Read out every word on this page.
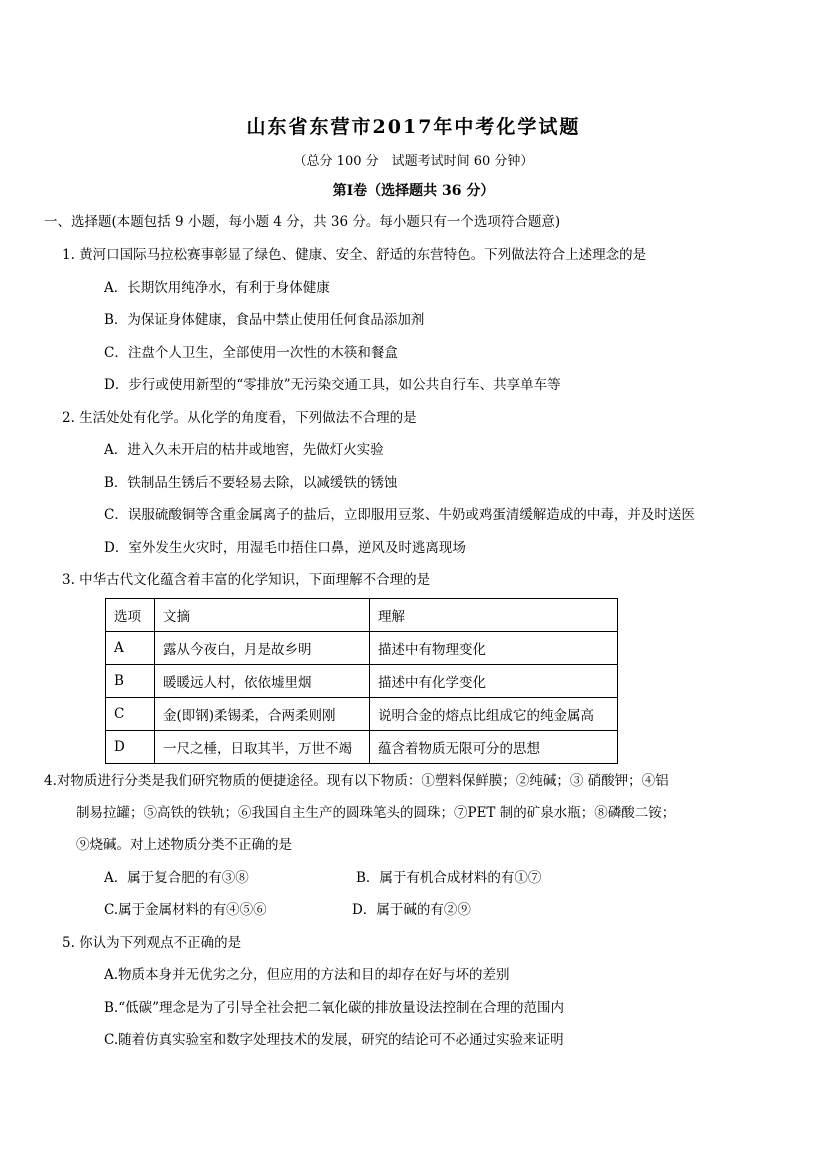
山东省东营市2017年中考化学试题
（总分 100 分　试题考试时间 60 分钟）
第Ⅰ卷（选择题共 36 分）
一、选择题(本题包括 9 小题，每小题 4 分，共 36 分。每小题只有一个选项符合题意)
1. 黄河口国际马拉松赛事彰显了绿色、健康、安全、舒适的东营特色。下列做法符合上述理念的是
A．长期饮用纯净水，有利于身体健康
B．为保证身体健康，食品中禁止使用任何食品添加剂
C．注盘个人卫生，全部使用一次性的木筷和餐盒
D．步行或使用新型的“零排放”无污染交通工具，如公共自行车、共享单车等
2. 生活处处有化学。从化学的角度看，下列做法不合理的是
A．进入久未开启的枯井或地窖，先做灯火实验
B．铁制品生锈后不要轻易去除，以减缓铁的锈蚀
C．误服硫酸铜等含重金属离子的盐后，立即服用豆浆、牛奶或鸡蛋清缓解造成的中毒，并及时送医
D．室外发生火灾时，用湿毛巾捂住口鼻，逆风及时逃离现场
3. 中华古代文化蕴含着丰富的化学知识，下面理解不合理的是
选项	文摘	理解
A	露从今夜白，月是故乡明	描述中有物理变化
B	暖暖远人村，依依墟里烟	描述中有化学变化
C	金(即钢)柔锡柔，合两柔则刚	说明合金的熔点比组成它的纯金属高
D	一尺之棰，日取其半，万世不竭	蕴含着物质无限可分的思想
4.对物质进行分类是我们研究物质的便捷途径。现有以下物质：①塑料保鲜膜；②纯碱；③ 硝酸钾；④铝
制易拉罐；⑤高铁的铁轨；⑥我国自主生产的圆珠笔头的圆珠；⑦PET 制的矿泉水瓶；⑧磷酸二铵；
⑨烧碱。对上述物质分类不正确的是
A．属于复合肥的有③⑧	B．属于有机合成材料的有①⑦
C.属于金属材料的有④⑤⑥	D．属于碱的有②⑨
5. 你认为下列观点不正确的是
A.物质本身并无优劣之分，但应用的方法和目的却存在好与坏的差别
B.“低碳”理念是为了引导全社会把二氧化碳的排放量设法控制在合理的范围内
C.随着仿真实验室和数字处理技术的发展，研究的结论可不必通过实验来证明
